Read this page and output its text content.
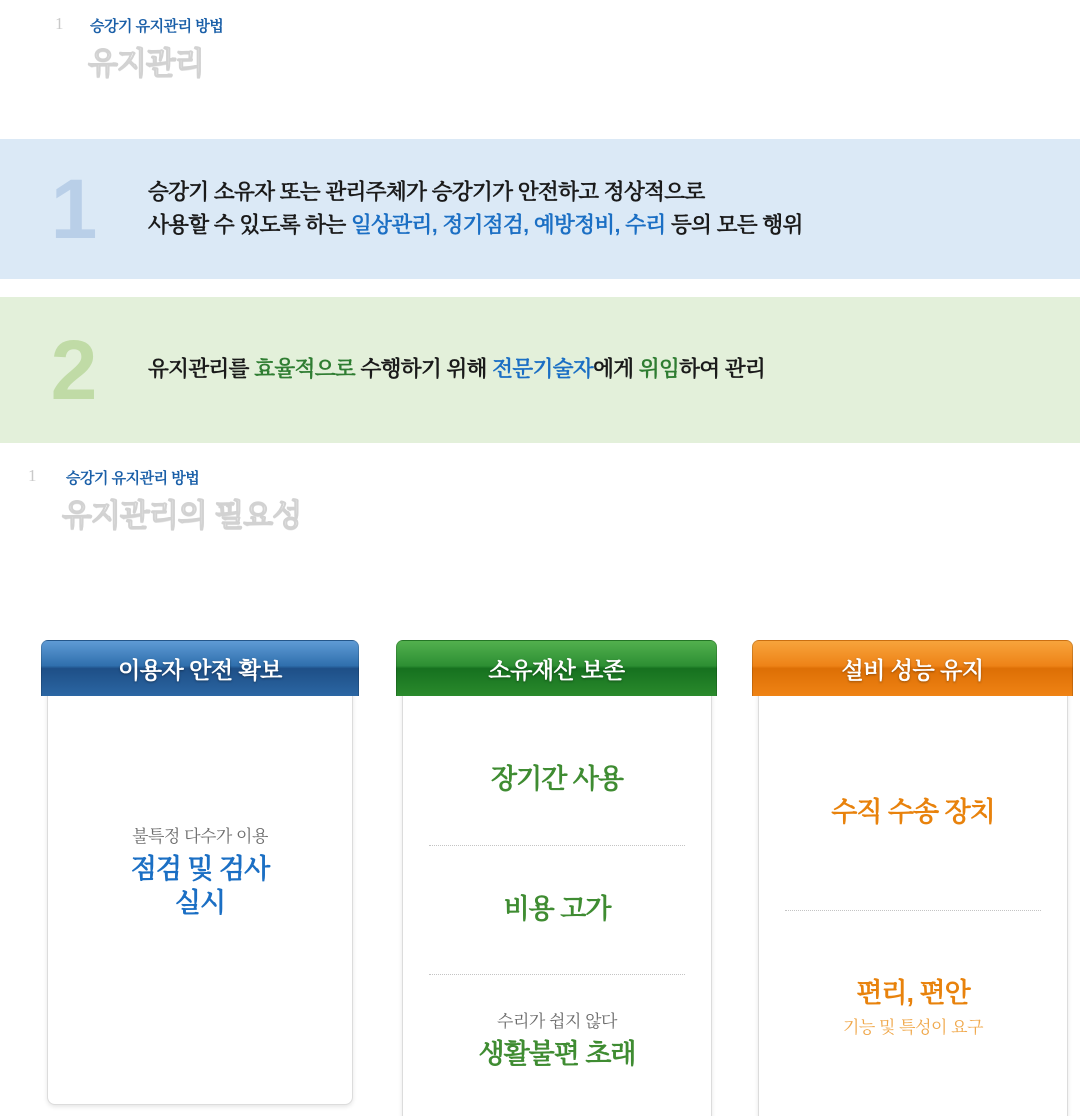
1 승강기 유지관리 방법
유지관리
1	승강기 소유자 또는 관리주체가 승강기가 안전하고 정상적으로
사용할 수 있도록 하는 일상관리, 정기점검, 예방정비, 수리 등의 모든 행위
2	유지관리를 효율적으로 수행하기 위해 전문기술자에게 위임하여 관리
1 승강기 유지관리 방법
유지관리의 필요성
이용자 안전 확보
불특정 다수가 이용
점검 및 검사
실시
소유재산 보존
장기간 사용
비용 고가
수리가 쉽지 않다
생활불편 초래
설비 성능 유지
수직 수송 장치
편리, 편안
기능 및 특성이 요구
